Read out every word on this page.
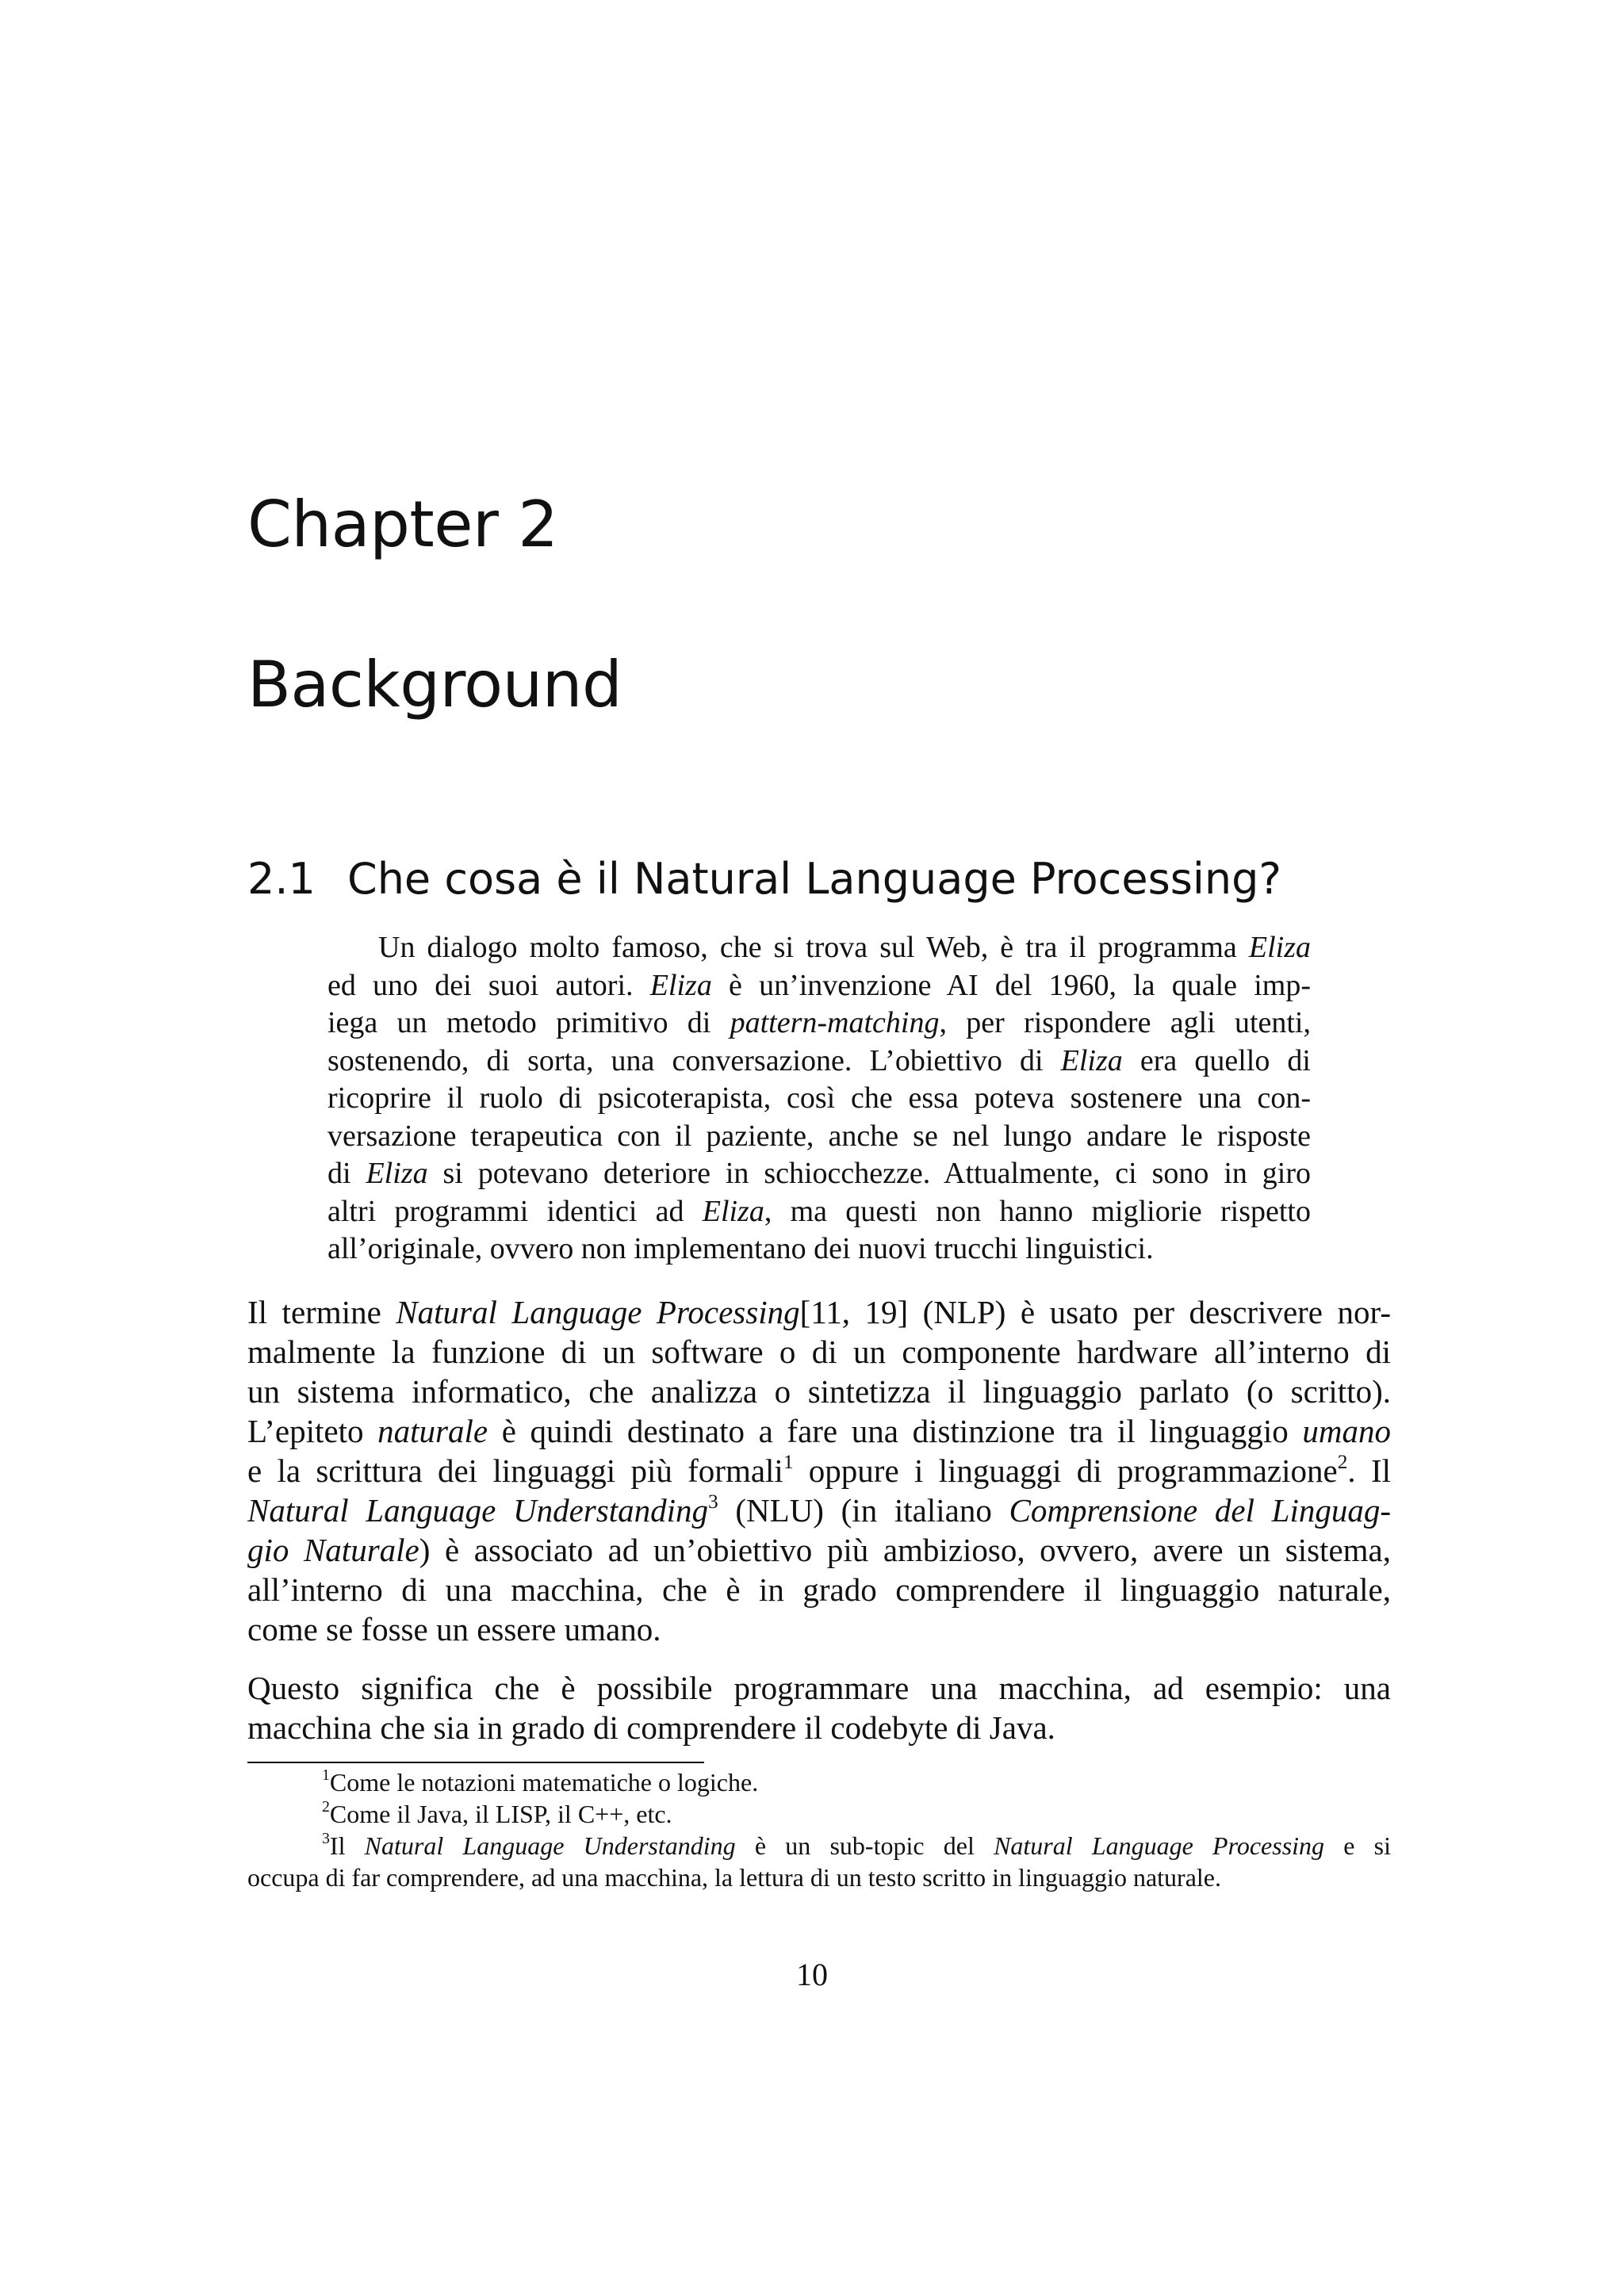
Chapter 2
Background
2.1 Che cosa è il Natural Language Processing?
Un dialogo molto famoso, che si trova sul Web, è tra il programma Eliza
ed uno dei suoi autori. Eliza è un’invenzione AI del 1960, la quale imp-
iega un metodo primitivo di pattern-matching, per rispondere agli utenti,
sostenendo, di sorta, una conversazione. L’obiettivo di Eliza era quello di
ricoprire il ruolo di psicoterapista, così che essa poteva sostenere una con-
versazione terapeutica con il paziente, anche se nel lungo andare le risposte
di Eliza si potevano deteriore in schiocchezze. Attualmente, ci sono in giro
altri programmi identici ad Eliza, ma questi non hanno migliorie rispetto
all’originale, ovvero non implementano dei nuovi trucchi linguistici.
Il termine Natural Language Processing[11, 19] (NLP) è usato per descrivere nor-
malmente la funzione di un software o di un componente hardware all’interno di
un sistema informatico, che analizza o sintetizza il linguaggio parlato (o scritto).
L’epiteto naturale è quindi destinato a fare una distinzione tra il linguaggio umano
e la scrittura dei linguaggi più formali$^1$ oppure i linguaggi di programmazione$^2$. Il
Natural Language Understanding$^3$ (NLU) (in italiano Comprensione del Linguag-
gio Naturale) è associato ad un’obiettivo più ambizioso, ovvero, avere un sistema,
all’interno di una macchina, che è in grado comprendere il linguaggio naturale,
come se fosse un essere umano.
Questo significa che è possibile programmare una macchina, ad esempio: una
macchina che sia in grado di comprendere il codebyte di Java.
$^1$Come le notazioni matematiche o logiche.
$^2$Come il Java, il LISP, il C++, etc.
$^3$Il Natural Language Understanding è un sub-topic del Natural Language Processing e si
occupa di far comprendere, ad una macchina, la lettura di un testo scritto in linguaggio naturale.
10
